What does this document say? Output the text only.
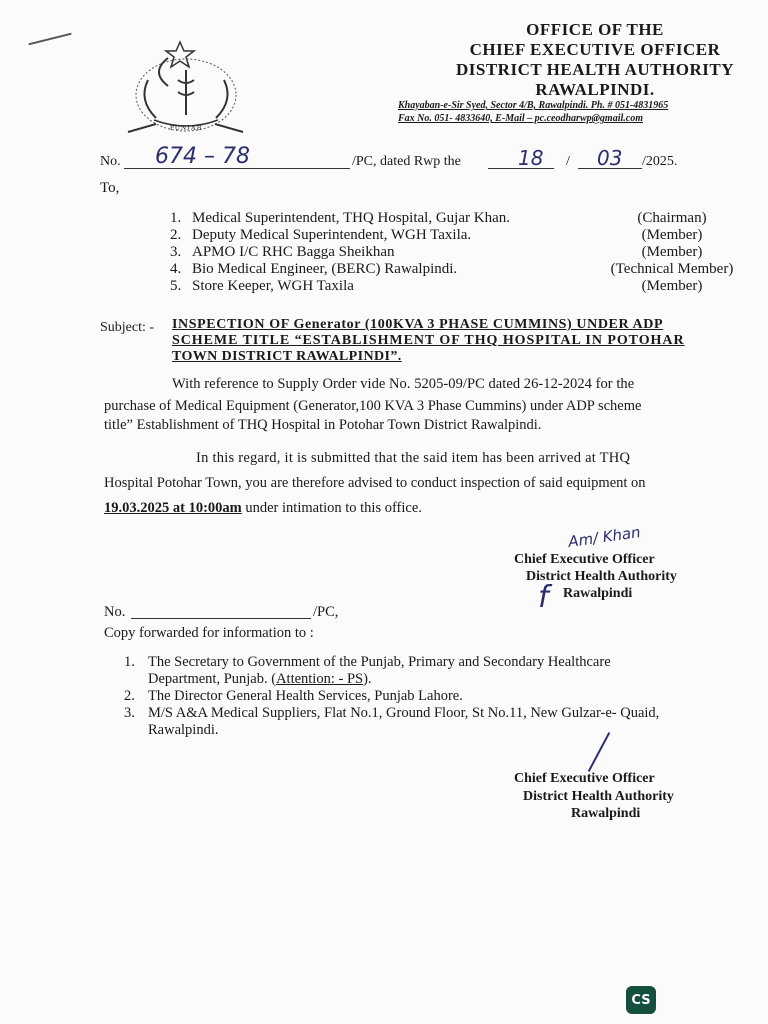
PUNJAB
OFFICE OF THE
CHIEF EXECUTIVE OFFICER
DISTRICT HEALTH AUTHORITY
RAWALPINDI.
Khayaban-e-Sir Syed, Sector 4/B, Rawalpindi. Ph. # 051-4831965
Fax No. 051- 4833640, E-Mail – pc.ceodharwp@gmail.com
No. 674 – 78	/PC, dated Rwp the	18 / 03 /2025.
To,
1. Medical Superintendent, THQ Hospital, Gujar Khan.	(Chairman)
2. Deputy Medical Superintendent, WGH Taxila.	(Member)
3. APMO I/C RHC Bagga Sheikhan	(Member)
4. Bio Medical Engineer, (BERC) Rawalpindi.	(Technical Member)
5. Store Keeper, WGH Taxila	(Member)
Subject: - INSPECTION OF Generator (100KVA 3 PHASE CUMMINS) UNDER ADP
SCHEME TITLE “ESTABLISHMENT OF THQ HOSPITAL IN POTOHAR
TOWN DISTRICT RAWALPINDI”.
With reference to Supply Order vide No. 5205-09/PC dated 26-12-2024 for the
purchase of Medical Equipment (Generator,100 KVA 3 Phase Cummins) under ADP scheme
title” Establishment of THQ Hospital in Potohar Town District Rawalpindi.
In this regard, it is submitted that the said item has been arrived at THQ
Hospital Potohar Town, you are therefore advised to conduct inspection of said equipment on
19.03.2025 at 10:00am under intimation to this office.
Am/ Khan
Chief Executive Officer
District Health Authority
Rawalpindi
f
No.	/PC,
Copy forwarded for information to :
1. The Secretary to Government of the Punjab, Primary and Secondary Healthcare
Department, Punjab. (Attention: - PS).
2. The Director General Health Services, Punjab Lahore.
3. M/S A&A Medical Suppliers, Flat No.1, Ground Floor, St No.11, New Gulzar-e- Quaid,
Rawalpindi.
Chief Executive Officer
District Health Authority
Rawalpindi
CS
